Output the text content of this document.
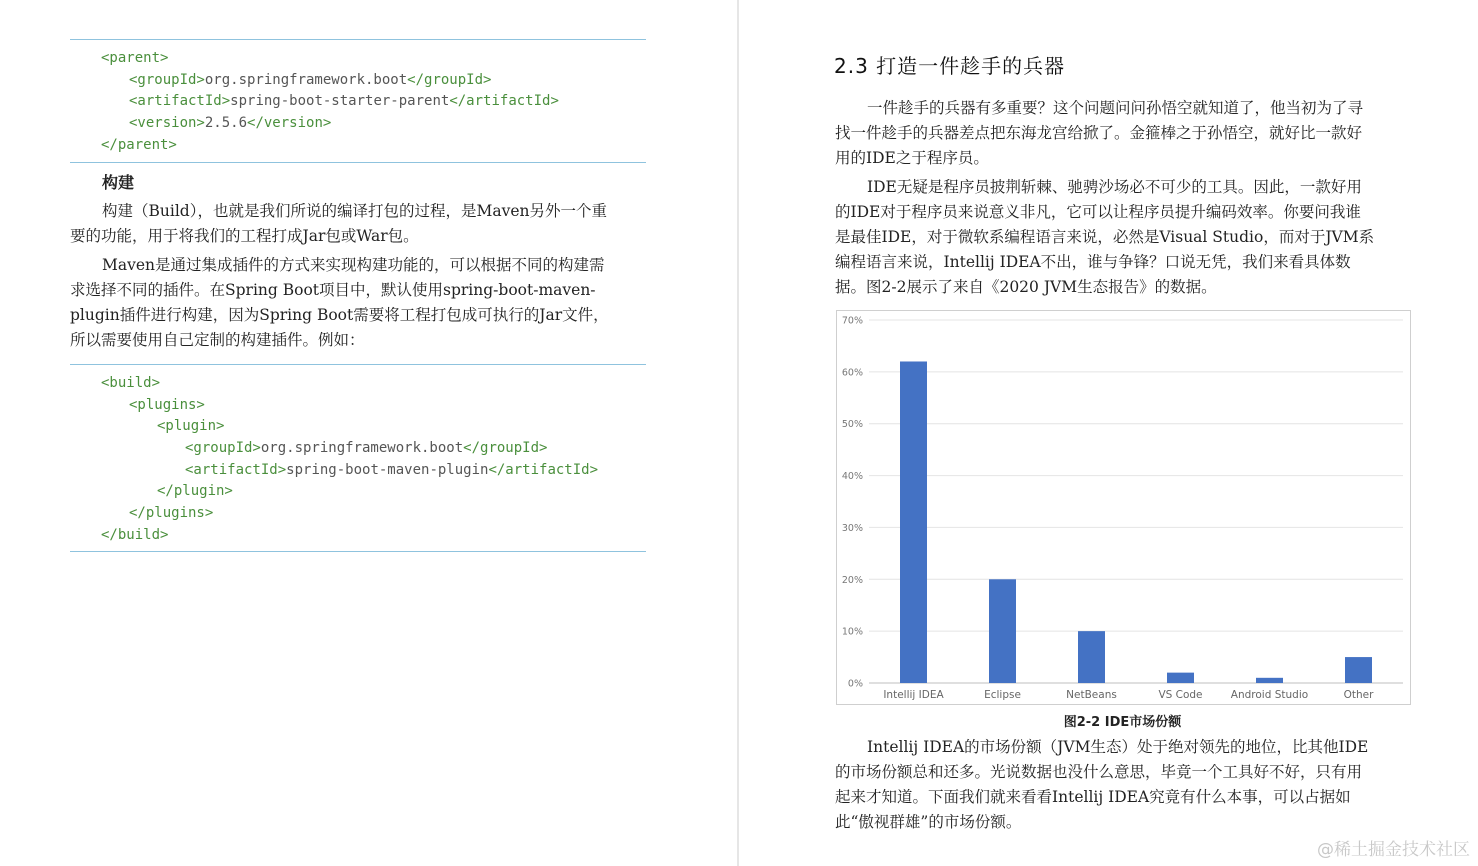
<parent>
<groupId>org.springframework.boot</groupId>
<artifactId>spring-boot-starter-parent</artifactId>
<version>2.5.6</version>
</parent>
构建
构建（Build），也就是我们所说的编译打包的过程，是Maven另外一个重
要的功能，用于将我们的工程打成Jar包或War包。
Maven是通过集成插件的方式来实现构建功能的，可以根据不同的构建需
求选择不同的插件。在Spring Boot项目中，默认使用spring-boot-maven-
plugin插件进行构建，因为Spring Boot需要将工程打包成可执行的Jar文件，
所以需要使用自己定制的构建插件。例如：
<build>
<plugins>
<plugin>
<groupId>org.springframework.boot</groupId>
<artifactId>spring-boot-maven-plugin</artifactId>
</plugin>
</plugins>
</build>
2.3 打造一件趁手的兵器
一件趁手的兵器有多重要？这个问题问问孙悟空就知道了，他当初为了寻
找一件趁手的兵器差点把东海龙宫给掀了。金箍棒之于孙悟空，就好比一款好
用的IDE之于程序员。
IDE无疑是程序员披荆斩棘、驰骋沙场必不可少的工具。因此，一款好用
的IDE对于程序员来说意义非凡，它可以让程序员提升编码效率。你要问我谁
是最佳IDE，对于微软系编程语言来说，必然是Visual Studio，而对于JVM系
编程语言来说，Intellij IDEA不出，谁与争锋？口说无凭，我们来看具体数
据。图2-2展示了来自《2020 JVM生态报告》的数据。
0%
10%
20%
30%
40%
50%
60%
70%
Intellij IDEA	Eclipse	NetBeans	VS Code	Android Studio	Other
图2-2 IDE市场份额
Intellij IDEA的市场份额（JVM生态）处于绝对领先的地位，比其他IDE
的市场份额总和还多。光说数据也没什么意思，毕竟一个工具好不好，只有用
起来才知道。下面我们就来看看Intellij IDEA究竟有什么本事，可以占据如
此“傲视群雄”的市场份额。
@稀土掘金技术社区
